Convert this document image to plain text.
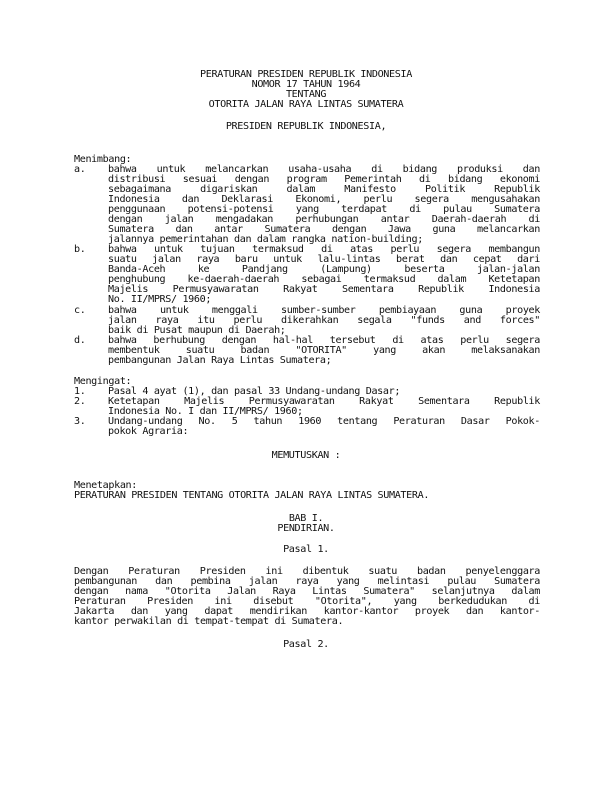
PERATURAN PRESIDEN REPUBLIK INDONESIA
NOMOR 17 TAHUN 1964
TENTANG
OTORITA JALAN RAYA LINTAS SUMATERA
PRESIDEN REPUBLIK INDONESIA,
Menimbang:
a. bahwa untuk melancarkan usaha-usaha di bidang produksi dan
distribusi sesuai dengan program Pemerintah di bidang ekonomi
sebagaimana digariskan dalam Manifesto Politik Republik
Indonesia dan Deklarasi Ekonomi, perlu segera mengusahakan
penggunaan potensi-potensi yang terdapat di pulau Sumatera
dengan jalan mengadakan perhubungan antar Daerah-daerah di
Sumatera dan antar Sumatera dengan Jawa guna melancarkan
jalannya pemerintahan dan dalam rangka nation-building;
b. bahwa untuk tujuan termaksud di atas perlu segera membangun
suatu jalan raya baru untuk lalu-lintas berat dan cepat dari
Banda-Aceh ke Pandjang (Lampung) beserta jalan-jalan
penghubung ke-daerah-daerah sebagai termaksud dalam Ketetapan
Majelis Permusyawaratan Rakyat Sementara Republik Indonesia
No. II/MPRS/ 1960;
c. bahwa untuk menggali sumber-sumber pembiayaan guna proyek
jalan raya itu perlu dikerahkan segala "funds and forces"
baik di Pusat maupun di Daerah;
d. bahwa berhubung dengan hal-hal tersebut di atas perlu segera
membentuk suatu badan "OTORITA" yang akan melaksanakan
pembangunan Jalan Raya Lintas Sumatera;
Mengingat:
1. Pasal 4 ayat (1), dan pasal 33 Undang-undang Dasar;
2. Ketetapan Majelis Permusyawaratan Rakyat Sementara Republik
Indonesia No. I dan II/MPRS/ 1960;
3. Undang-undang No. 5 tahun 1960 tentang Peraturan Dasar Pokok-
pokok Agraria:
MEMUTUSKAN :
Menetapkan:
PERATURAN PRESIDEN TENTANG OTORITA JALAN RAYA LINTAS SUMATERA.
BAB I.
PENDIRIAN.
Pasal 1.
Dengan Peraturan Presiden ini dibentuk suatu badan penyelenggara
pembangunan dan pembina jalan raya yang melintasi pulau Sumatera
dengan nama "Otorita Jalan Raya Lintas Sumatera" selanjutnya dalam
Peraturan Presiden ini disebut "Otorita", yang berkedudukan di
Jakarta dan yang dapat mendirikan kantor-kantor proyek dan kantor-
kantor perwakilan di tempat-tempat di Sumatera.
Pasal 2.
